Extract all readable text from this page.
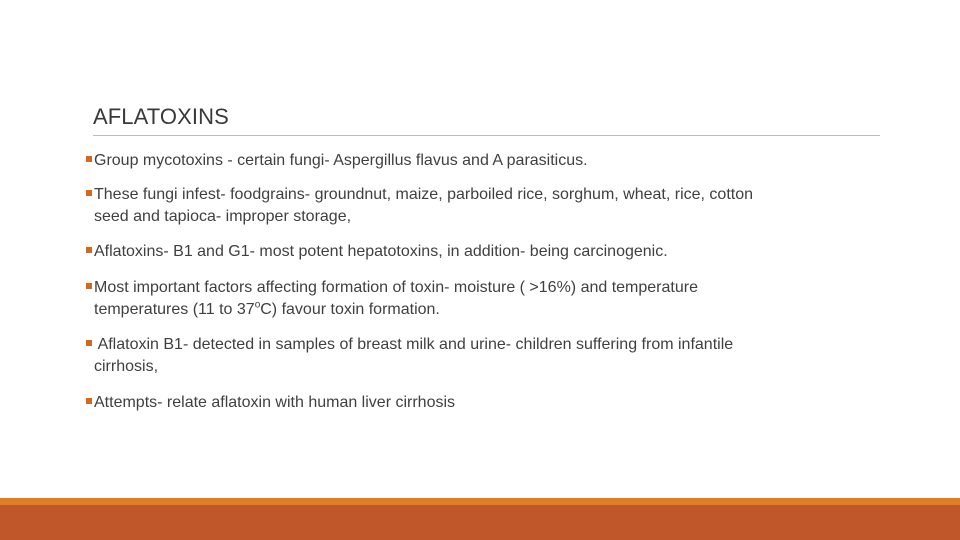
AFLATOXINS
Group mycotoxins - certain fungi- Aspergillus flavus and A parasiticus.
These fungi infest- foodgrains- groundnut, maize, parboiled rice, sorghum, wheat, rice, cotton
seed and tapioca- improper storage,
Aflatoxins- B1 and G1- most potent hepatotoxins, in addition- being carcinogenic.
Most important factors affecting formation of toxin- moisture ( >16%) and temperature
temperatures (11 to 37$^o$C) favour toxin formation.
Aflatoxin B1- detected in samples of breast milk and urine- children suffering from infantile
cirrhosis,
Attempts- relate aflatoxin with human liver cirrhosis
